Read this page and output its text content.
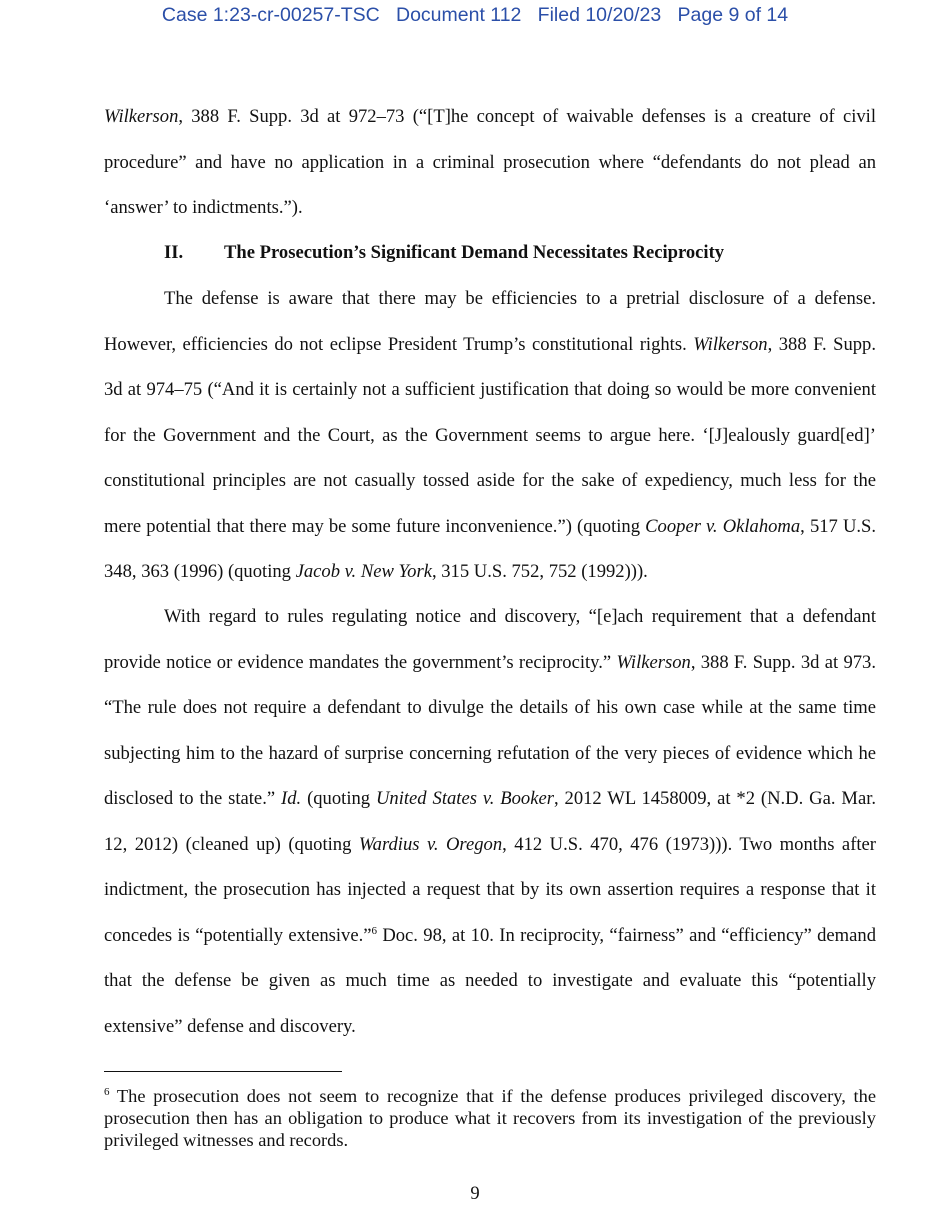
Case 1:23-cr-00257-TSC Document 112 Filed 10/20/23 Page 9 of 14

Wilkerson, 388 F. Supp. 3d at 972–73 (“[T]he concept of waivable defenses is a creature of civil procedure” and have no application in a criminal prosecution where “defendants do not plead an ‘answer’ to indictments.”).

II. The Prosecution’s Significant Demand Necessitates Reciprocity

The defense is aware that there may be efficiencies to a pretrial disclosure of a defense. However, efficiencies do not eclipse President Trump’s constitutional rights. Wilkerson, 388 F. Supp. 3d at 974–75 (“And it is certainly not a sufficient justification that doing so would be more convenient for the Government and the Court, as the Government seems to argue here. ‘[J]ealously guard[ed]’ constitutional principles are not casually tossed aside for the sake of expediency, much less for the mere potential that there may be some future inconvenience.”) (quoting Cooper v. Oklahoma, 517 U.S. 348, 363 (1996) (quoting Jacob v. New York, 315 U.S. 752, 752 (1992))).

With regard to rules regulating notice and discovery, “[e]ach requirement that a defendant provide notice or evidence mandates the government’s reciprocity.” Wilkerson, 388 F. Supp. 3d at 973. “The rule does not require a defendant to divulge the details of his own case while at the same time subjecting him to the hazard of surprise concerning refutation of the very pieces of evidence which he disclosed to the state.” Id. (quoting United States v. Booker, 2012 WL 1458009, at *2 (N.D. Ga. Mar. 12, 2012) (cleaned up) (quoting Wardius v. Oregon, 412 U.S. 470, 476 (1973))). Two months after indictment, the prosecution has injected a request that by its own assertion requires a response that it concedes is “potentially extensive.”$^6$ Doc. 98, at 10. In reciprocity, “fairness” and “efficiency” demand that the defense be given as much time as needed to investigate and evaluate this “potentially extensive” defense and discovery.

$^6$ The prosecution does not seem to recognize that if the defense produces privileged discovery, the prosecution then has an obligation to produce what it recovers from its investigation of the previously privileged witnesses and records.
9
